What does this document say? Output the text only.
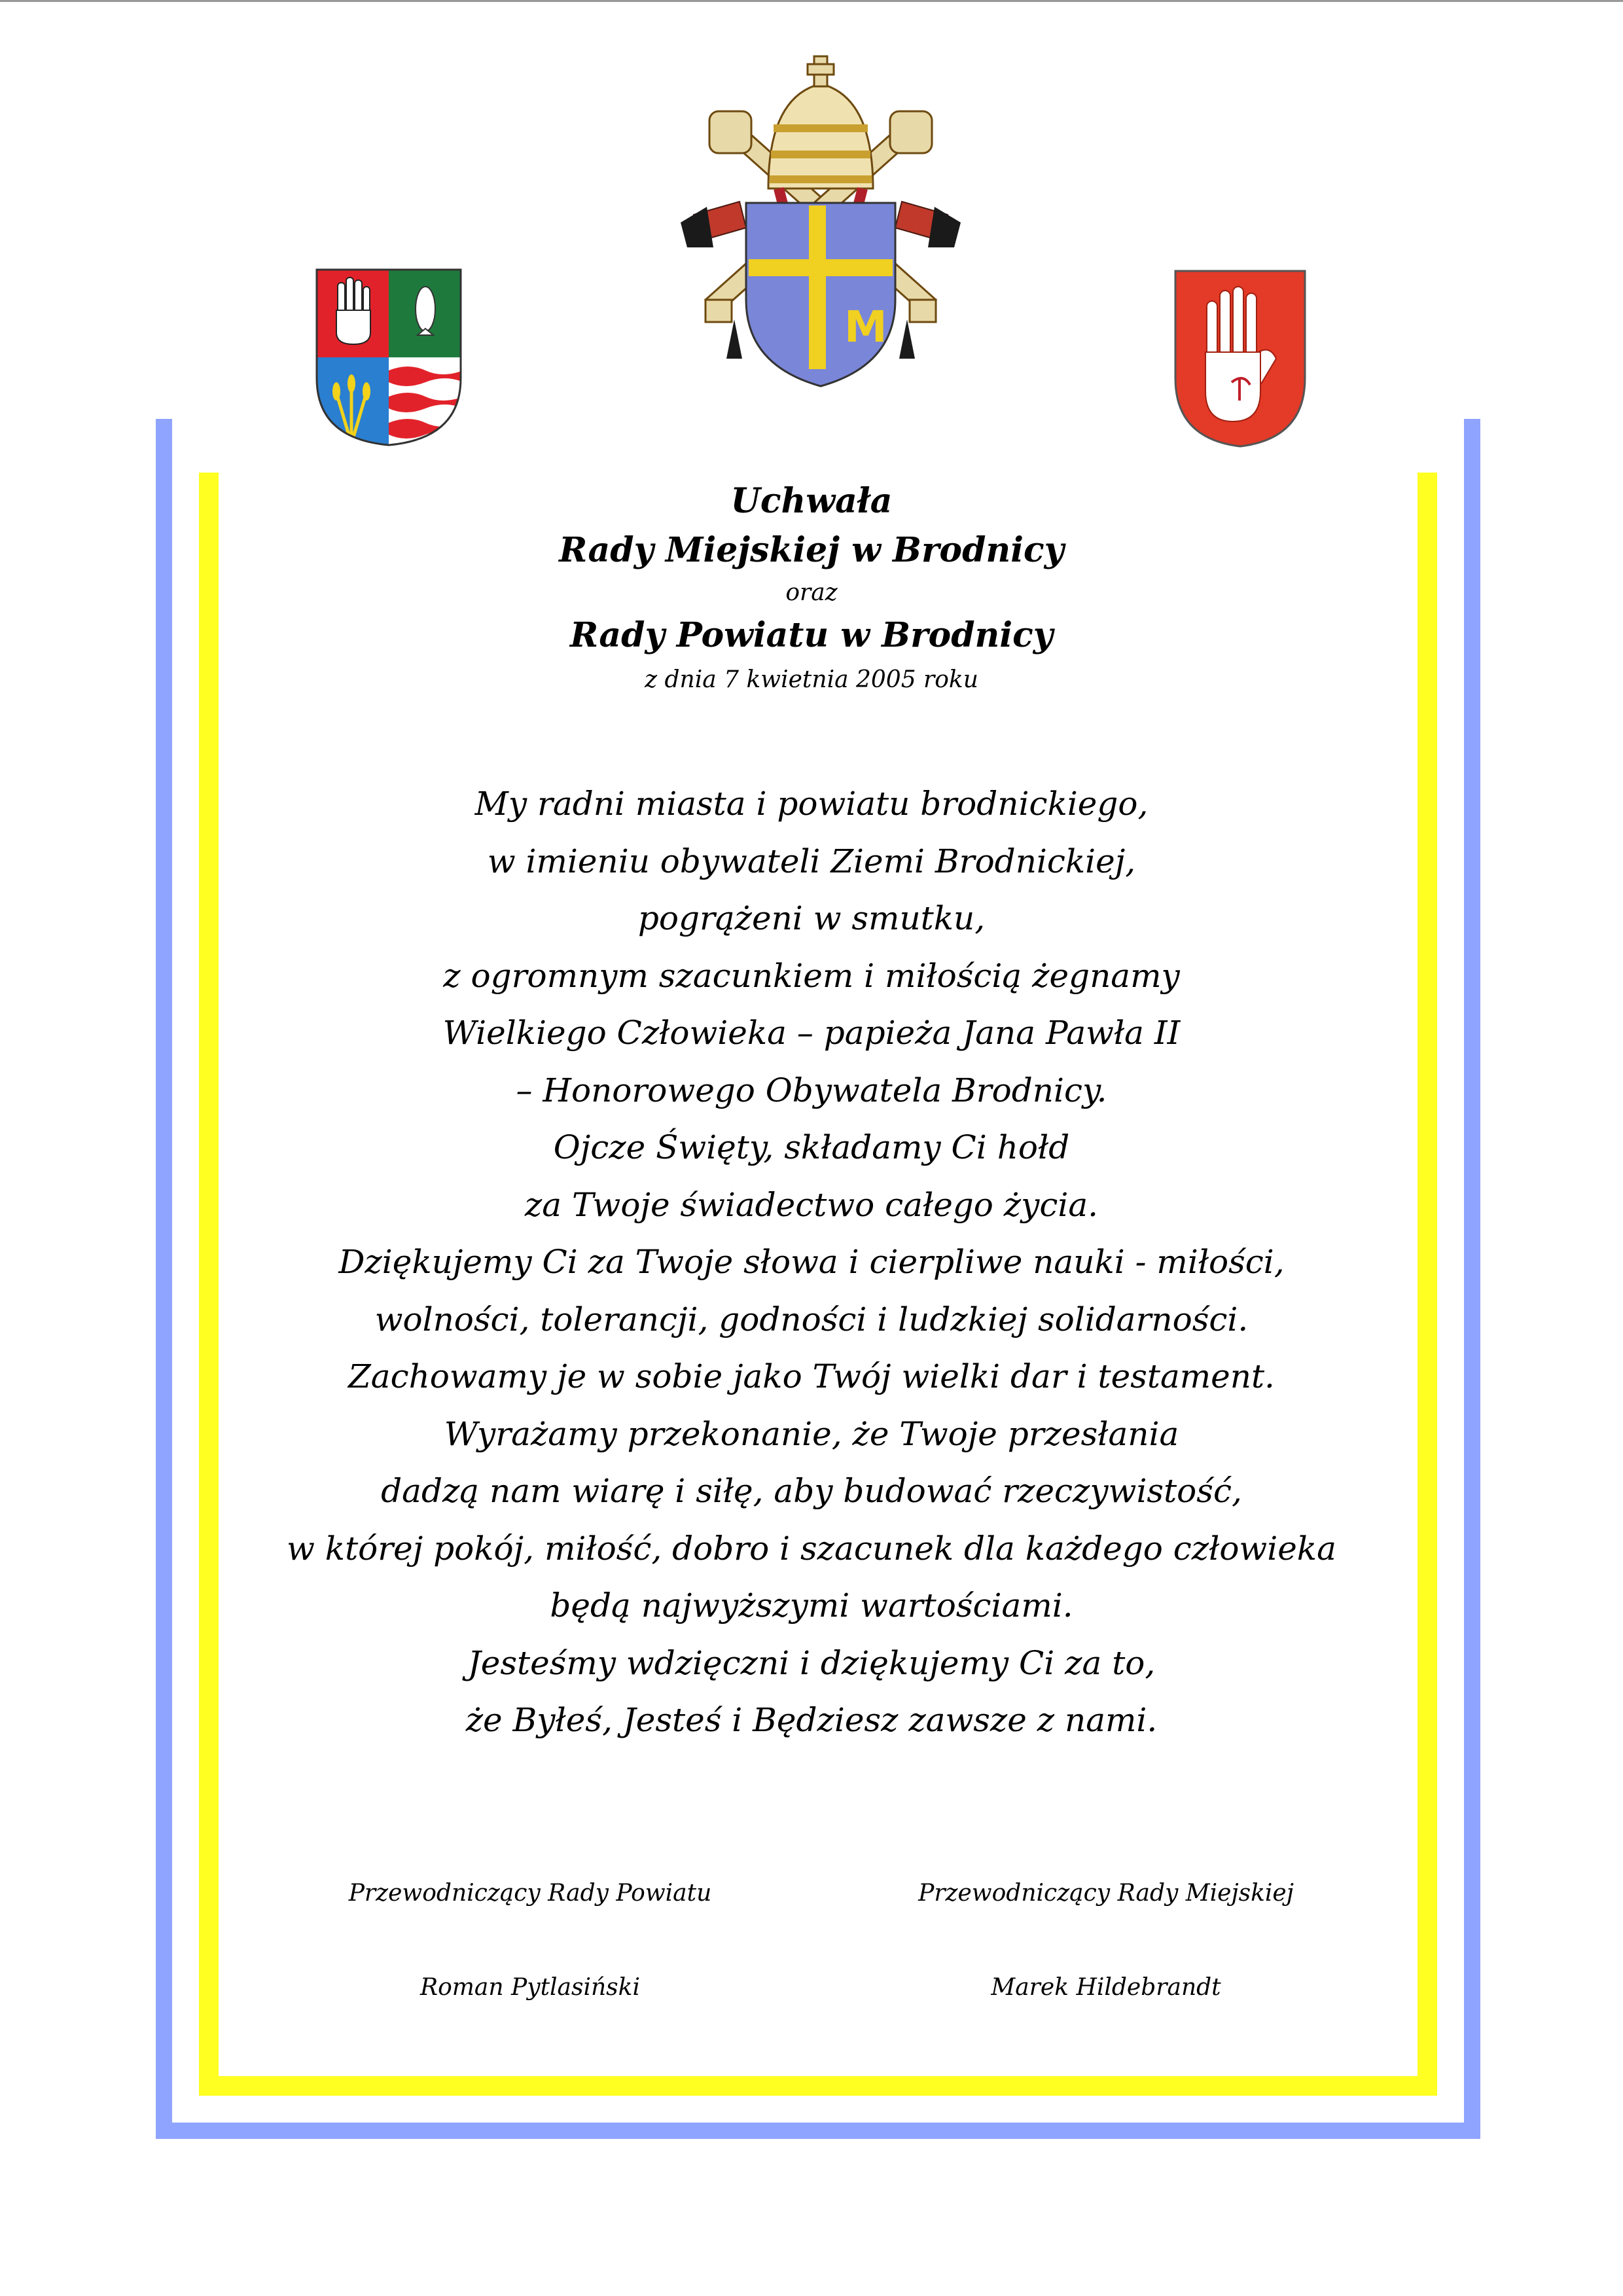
M
Uchwała
Rady Miejskiej w Brodnicy
oraz
Rady Powiatu w Brodnicy
z dnia 7 kwietnia 2005 roku
My radni miasta i powiatu brodnickiego,
w imieniu obywateli Ziemi Brodnickiej,
pogrążeni w smutku,
z ogromnym szacunkiem i miłością żegnamy
Wielkiego Człowieka – papieża Jana Pawła II
– Honorowego Obywatela Brodnicy.
Ojcze Święty, składamy Ci hołd
za Twoje świadectwo całego życia.
Dziękujemy Ci za Twoje słowa i cierpliwe nauki - miłości,
wolności, tolerancji, godności i ludzkiej solidarności.
Zachowamy je w sobie jako Twój wielki dar i testament.
Wyrażamy przekonanie, że Twoje przesłania
dadzą nam wiarę i siłę, aby budować rzeczywistość,
w której pokój, miłość, dobro i szacunek dla każdego człowieka
będą najwyższymi wartościami.
Jesteśmy wdzięczni i dziękujemy Ci za to,
że Byłeś, Jesteś i Będziesz zawsze z nami.
Przewodniczący Rady Powiatu
Roman Pytlasiński
Przewodniczący Rady Miejskiej
Marek Hildebrandt
